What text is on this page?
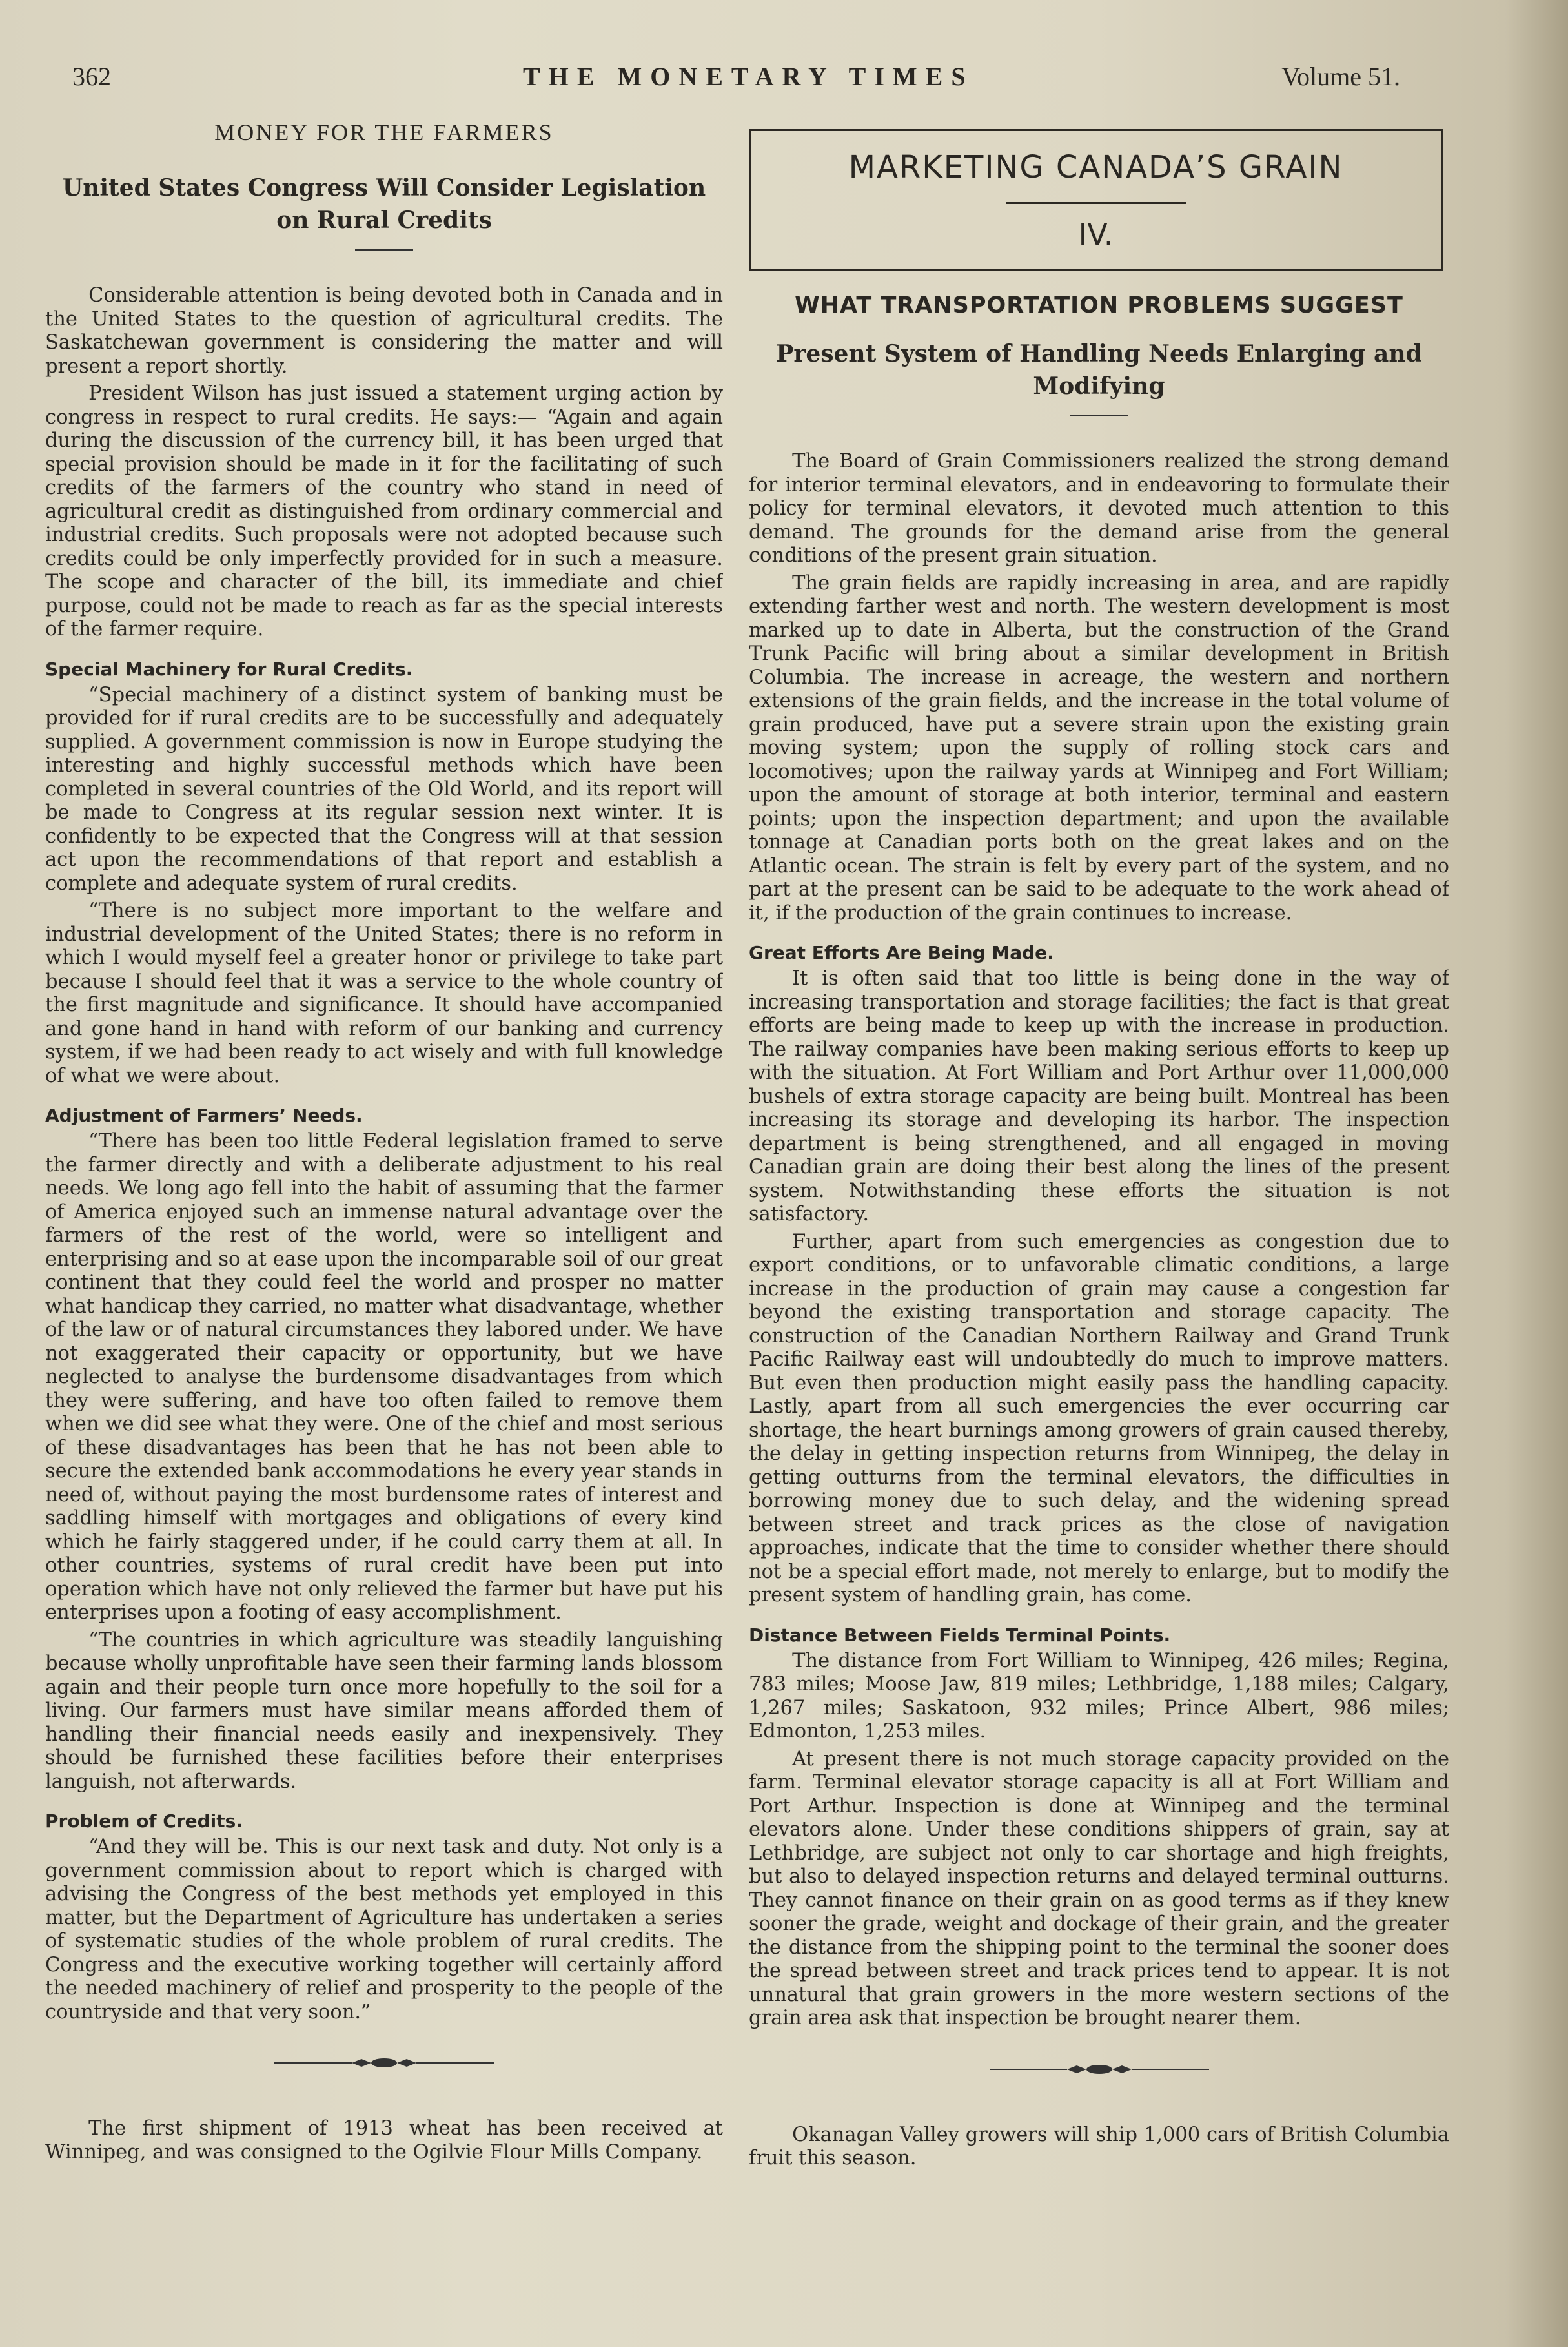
362	THE MONETARY TIMES	Volume 51.
MONEY FOR THE FARMERS
United States Congress Will Consider Legislation on Rural Credits

Considerable attention is being devoted both in Canada and in the United States to the question of agricultural credits. The Saskatchewan government is considering the matter and will present a report shortly.

President Wilson has just issued a statement urging action by congress in respect to rural credits. He says:— “Again and again during the discussion of the currency bill, it has been urged that special provision should be made in it for the facilitating of such credits of the farmers of the country who stand in need of agricultural credit as distinguished from ordinary commercial and industrial credits. Such proposals were not adopted because such credits could be only imperfectly provided for in such a measure. The scope and character of the bill, its immediate and chief purpose, could not be made to reach as far as the special interests of the farmer require.

Special Machinery for Rural Credits.

“Special machinery of a distinct system of banking must be provided for if rural credits are to be successfully and adequately supplied. A government commission is now in Europe studying the interesting and highly successful methods which have been completed in several countries of the Old World, and its report will be made to Congress at its regular session next winter. It is confidently to be expected that the Congress will at that session act upon the recommendations of that report and establish a complete and adequate system of rural credits.

“There is no subject more important to the welfare and industrial development of the United States; there is no reform in which I would myself feel a greater honor or privilege to take part because I should feel that it was a service to the whole country of the first magnitude and significance. It should have accompanied and gone hand in hand with reform of our banking and currency system, if we had been ready to act wisely and with full knowledge of what we were about.

Adjustment of Farmers’ Needs.

“There has been too little Federal legislation framed to serve the farmer directly and with a deliberate adjustment to his real needs. We long ago fell into the habit of assuming that the farmer of America enjoyed such an immense natural advantage over the farmers of the rest of the world, were so intelligent and enterprising and so at ease upon the incomparable soil of our great continent that they could feel the world and prosper no matter what handicap they carried, no matter what disadvantage, whether of the law or of natural circumstances they labored under. We have not exaggerated their capacity or opportunity, but we have neglected to analyse the burdensome disadvantages from which they were suffering, and have too often failed to remove them when we did see what they were. One of the chief and most serious of these disadvantages has been that he has not been able to secure the extended bank accommodations he every year stands in need of, without paying the most burdensome rates of interest and saddling himself with mortgages and obligations of every kind which he fairly staggered under, if he could carry them at all. In other countries, systems of rural credit have been put into operation which have not only relieved the farmer but have put his enterprises upon a footing of easy accomplishment.

“The countries in which agriculture was steadily languishing because wholly unprofitable have seen their farming lands blossom again and their people turn once more hopefully to the soil for a living. Our farmers must have similar means afforded them of handling their financial needs easily and inexpensively. They should be furnished these facilities before their enterprises languish, not afterwards.

Problem of Credits.

“And they will be. This is our next task and duty. Not only is a government commission about to report which is charged with advising the Congress of the best methods yet employed in this matter, but the Department of Agriculture has undertaken a series of systematic studies of the whole problem of rural credits. The Congress and the executive working together will certainly afford the needed machinery of relief and prosperity to the people of the countryside and that very soon.”

The first shipment of 1913 wheat has been received at Winnipeg, and was consigned to the Ogilvie Flour Mills Company.

MARKETING CANADA’S GRAIN
IV.
WHAT TRANSPORTATION PROBLEMS SUGGEST
Present System of Handling Needs Enlarging and Modifying

The Board of Grain Commissioners realized the strong demand for interior terminal elevators, and in endeavoring to formulate their policy for terminal elevators, it devoted much attention to this demand. The grounds for the demand arise from the general conditions of the present grain situation.

The grain fields are rapidly increasing in area, and are rapidly extending farther west and north. The western development is most marked up to date in Alberta, but the construction of the Grand Trunk Pacific will bring about a similar development in British Columbia. The increase in acreage, the western and northern extensions of the grain fields, and the increase in the total volume of grain produced, have put a severe strain upon the existing grain moving system; upon the supply of rolling stock cars and locomotives; upon the railway yards at Winnipeg and Fort William; upon the amount of storage at both interior, terminal and eastern points; upon the inspection department; and upon the available tonnage at Canadian ports both on the great lakes and on the Atlantic ocean. The strain is felt by every part of the system, and no part at the present can be said to be adequate to the work ahead of it, if the production of the grain continues to increase.

Great Efforts Are Being Made.

It is often said that too little is being done in the way of increasing transportation and storage facilities; the fact is that great efforts are being made to keep up with the increase in production. The railway companies have been making serious efforts to keep up with the situation. At Fort William and Port Arthur over 11,000,000 bushels of extra storage capacity are being built. Montreal has been increasing its storage and developing its harbor. The inspection department is being strengthened, and all engaged in moving Canadian grain are doing their best along the lines of the present system. Notwithstanding these efforts the situation is not satisfactory.

Further, apart from such emergencies as congestion due to export conditions, or to unfavorable climatic conditions, a large increase in the production of grain may cause a congestion far beyond the existing transportation and storage capacity. The construction of the Canadian Northern Railway and Grand Trunk Pacific Railway east will undoubtedly do much to improve matters. But even then production might easily pass the handling capacity. Lastly, apart from all such emergencies the ever occurring car shortage, the heart burnings among growers of grain caused thereby, the delay in getting inspection returns from Winnipeg, the delay in getting outturns from the terminal elevators, the difficulties in borrowing money due to such delay, and the widening spread between street and track prices as the close of navigation approaches, indicate that the time to consider whether there should not be a special effort made, not merely to enlarge, but to modify the present system of handling grain, has come.

Distance Between Fields Terminal Points.

The distance from Fort William to Winnipeg, 426 miles; Regina, 783 miles; Moose Jaw, 819 miles; Lethbridge, 1,188 miles; Calgary, 1,267 miles; Saskatoon, 932 miles; Prince Albert, 986 miles; Edmonton, 1,253 miles.

At present there is not much storage capacity provided on the farm. Terminal elevator storage capacity is all at Fort William and Port Arthur. Inspection is done at Winnipeg and the terminal elevators alone. Under these conditions shippers of grain, say at Lethbridge, are subject not only to car shortage and high freights, but also to delayed inspection returns and delayed terminal outturns. They cannot finance on their grain on as good terms as if they knew sooner the grade, weight and dockage of their grain, and the greater the distance from the shipping point to the terminal the sooner does the spread between street and track prices tend to appear. It is not unnatural that grain growers in the more western sections of the grain area ask that inspection be brought nearer them.

Okanagan Valley growers will ship 1,000 cars of British Columbia fruit this season.
